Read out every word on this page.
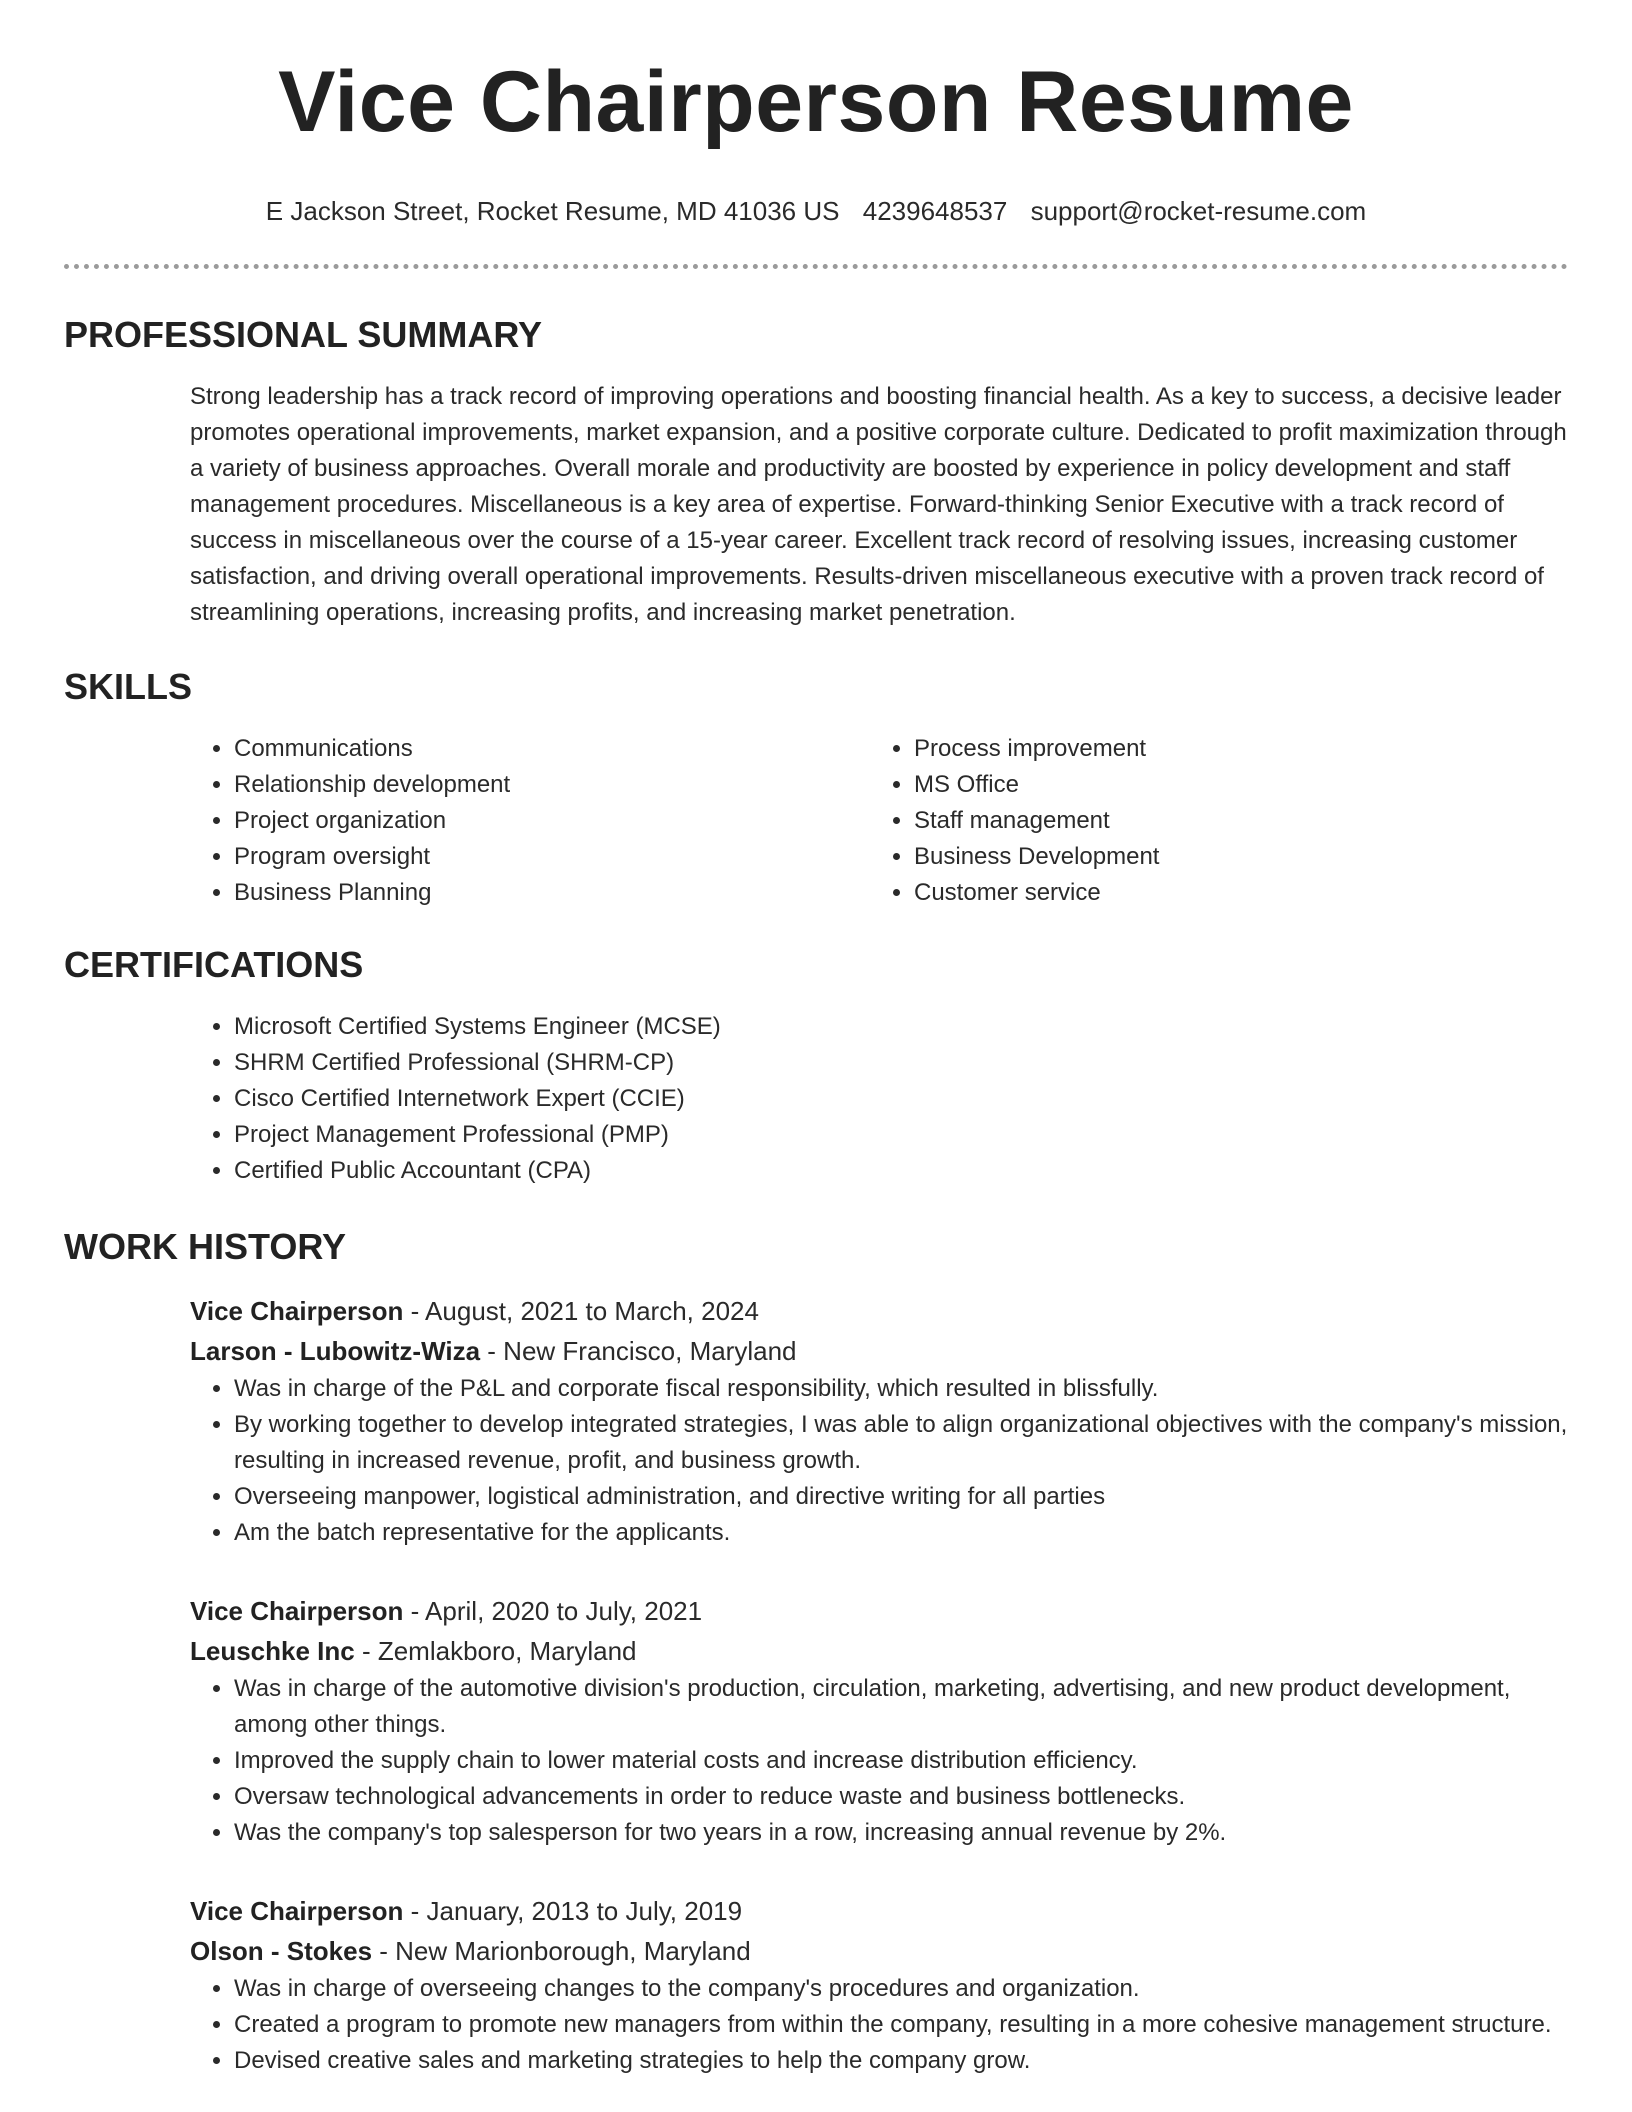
Vice Chairperson Resume
E Jackson Street, Rocket Resume, MD 41036 US 4239648537 support@rocket-resume.com
PROFESSIONAL SUMMARY

Strong leadership has a track record of improving operations and boosting financial health. As a key to success, a decisive leader promotes operational improvements, market expansion, and a positive corporate culture. Dedicated to profit maximization through a variety of business approaches. Overall morale and productivity are boosted by experience in policy development and staff management procedures. Miscellaneous is a key area of expertise. Forward-thinking Senior Executive with a track record of success in miscellaneous over the course of a 15-year career. Excellent track record of resolving issues, increasing customer satisfaction, and driving overall operational improvements. Results-driven miscellaneous executive with a proven track record of streamlining operations, increasing profits, and increasing market penetration.

SKILLS
• Communications
• Relationship development
• Project organization
• Program oversight
• Business Planning
• Process improvement
• MS Office
• Staff management
• Business Development
• Customer service
CERTIFICATIONS
• Microsoft Certified Systems Engineer (MCSE)
• SHRM Certified Professional (SHRM-CP)
• Cisco Certified Internetwork Expert (CCIE)
• Project Management Professional (PMP)
• Certified Public Accountant (CPA)
WORK HISTORY
Vice Chairperson - August, 2021 to March, 2024
Larson - Lubowitz-Wiza - New Francisco, Maryland
• Was in charge of the P&L and corporate fiscal responsibility, which resulted in blissfully.
• By working together to develop integrated strategies, I was able to align organizational objectives with the company's mission, resulting in increased revenue, profit, and business growth.
• Overseeing manpower, logistical administration, and directive writing for all parties
• Am the batch representative for the applicants.
Vice Chairperson - April, 2020 to July, 2021
Leuschke Inc - Zemlakboro, Maryland
• Was in charge of the automotive division's production, circulation, marketing, advertising, and new product development, among other things.
• Improved the supply chain to lower material costs and increase distribution efficiency.
• Oversaw technological advancements in order to reduce waste and business bottlenecks.
• Was the company's top salesperson for two years in a row, increasing annual revenue by 2%.
Vice Chairperson - January, 2013 to July, 2019
Olson - Stokes - New Marionborough, Maryland
• Was in charge of overseeing changes to the company's procedures and organization.
• Created a program to promote new managers from within the company, resulting in a more cohesive management structure.
• Devised creative sales and marketing strategies to help the company grow.
